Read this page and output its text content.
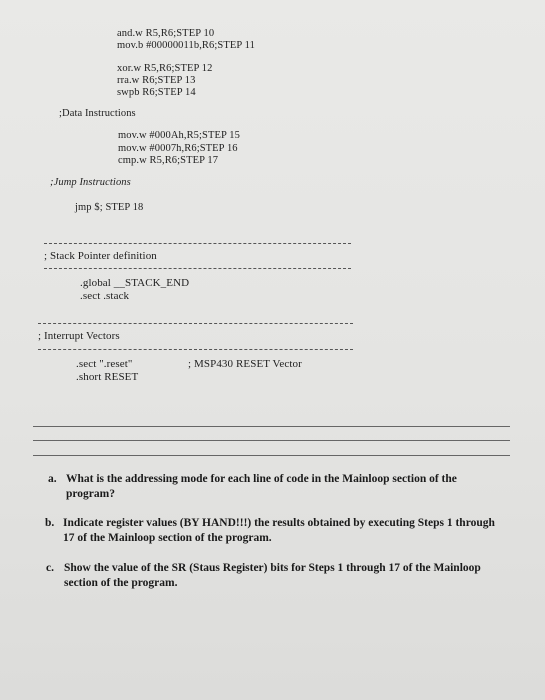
and.w R5,R6;STEP 10
mov.b #00000011b,R6;STEP 11
xor.w R5,R6;STEP 12
rra.w R6;STEP 13
swpb R6;STEP 14
;Data Instructions
mov.w #000Ah,R5;STEP 15
mov.w #0007h,R6;STEP 16
cmp.w R5,R6;STEP 17
;Jump Instructions
jmp $; STEP 18
; Stack Pointer definition
.global __STACK_END
.sect .stack
; Interrupt Vectors
.sect ".reset"	; MSP430 RESET Vector
.short RESET
a. What is the addressing mode for each line of code in the Mainloop section of the program?
b. Indicate register values (BY HAND!!!) the results obtained by executing Steps 1 through 17 of the Mainloop section of the program.
c. Show the value of the SR (Staus Register) bits for Steps 1 through 17 of the Mainloop section of the program.
